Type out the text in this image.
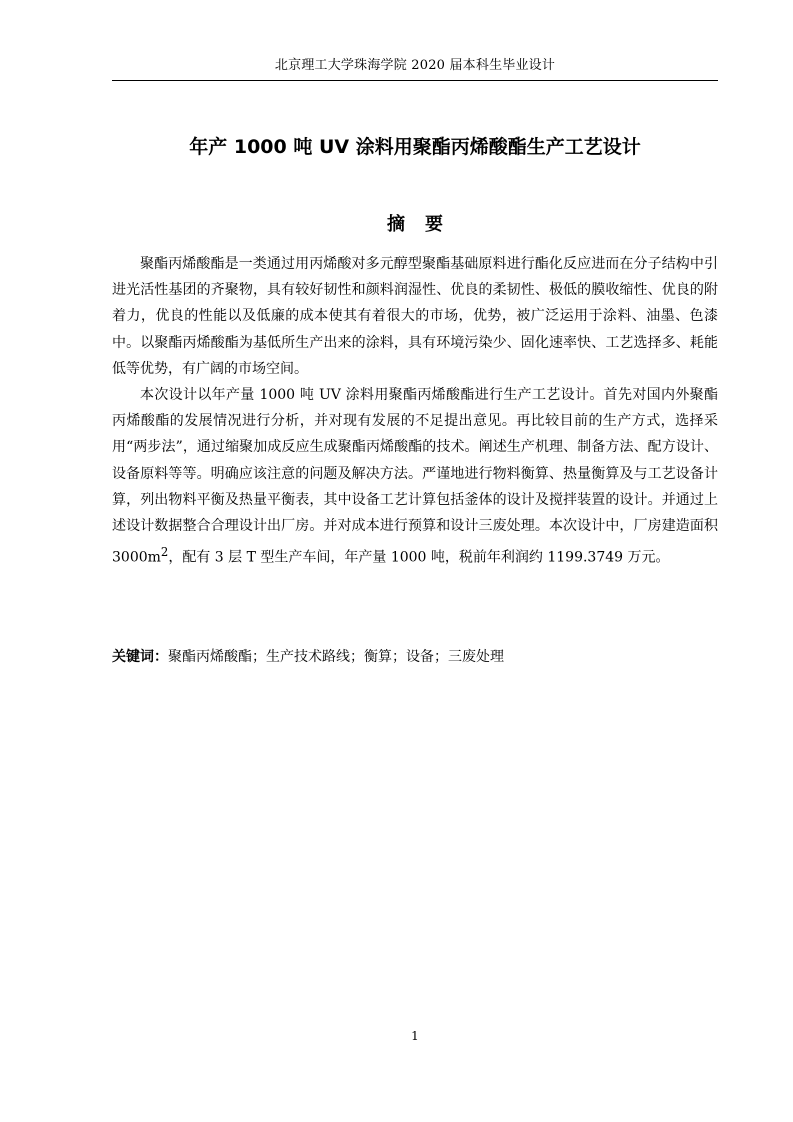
北京理工大学珠海学院 2020 届本科生毕业设计
年产 1000 吨 UV 涂料用聚酯丙烯酸酯生产工艺设计
摘要

聚酯丙烯酸酯是一类通过用丙烯酸对多元醇型聚酯基础原料进行酯化反应进而在分子结构中引进光活性基团的齐聚物，具有较好韧性和颜料润湿性、优良的柔韧性、极低的膜收缩性、优良的附着力，优良的性能以及低廉的成本使其有着很大的市场，优势，被广泛运用于涂料、油墨、色漆中。以聚酯丙烯酸酯为基低所生产出来的涂料，具有环境污染少、固化速率快、工艺选择多、耗能低等优势，有广阔的市场空间。

本次设计以年产量 1000 吨 UV 涂料用聚酯丙烯酸酯进行生产工艺设计。首先对国内外聚酯丙烯酸酯的发展情况进行分析，并对现有发展的不足提出意见。再比较目前的生产方式，选择采用“两步法”，通过缩聚加成反应生成聚酯丙烯酸酯的技术。阐述生产机理、制备方法、配方设计、设备原料等等。明确应该注意的问题及解决方法。严谨地进行物料衡算、热量衡算及与工艺设备计算，列出物料平衡及热量平衡表，其中设备工艺计算包括釜体的设计及搅拌装置的设计。并通过上述设计数据整合合理设计出厂房。并对成本进行预算和设计三废处理。本次设计中，厂房建造面积 $3000m^2$，配有 3 层 T 型生产车间，年产量 1000 吨，税前年利润约 1199.3749 万元。

关键词：聚酯丙烯酸酯；生产技术路线；衡算；设备；三废处理
1
